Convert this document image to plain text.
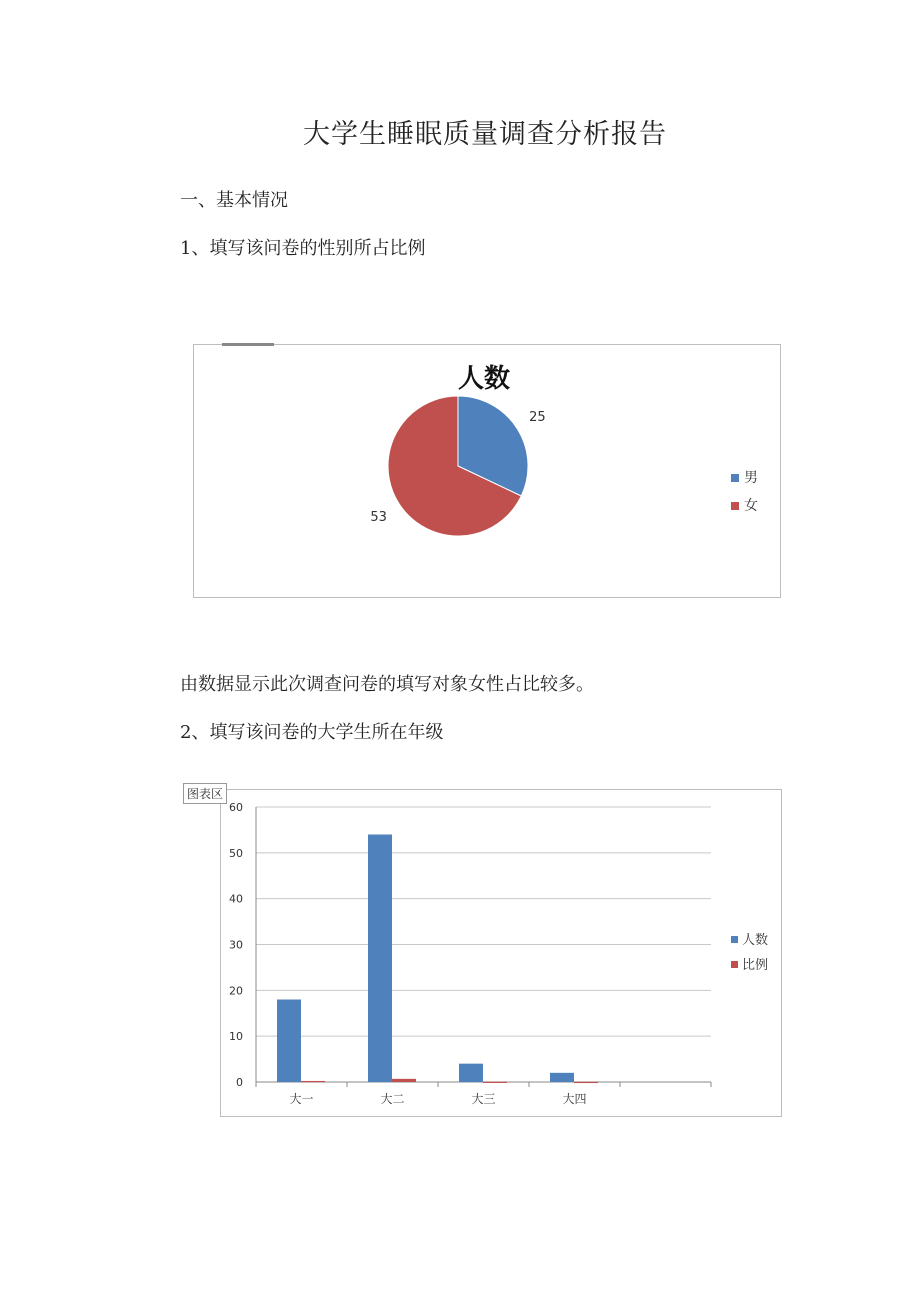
大学生睡眠质量调查分析报告
一、基本情况
1、填写该问卷的性别所占比例
人数
25
53
男
女
由数据显示此次调查问卷的填写对象女性占比较多。
2、填写该问卷的大学生所在年级
0
10
20
30
40
50
60
大一	大二	大三	大四
人数
比例
图表区
